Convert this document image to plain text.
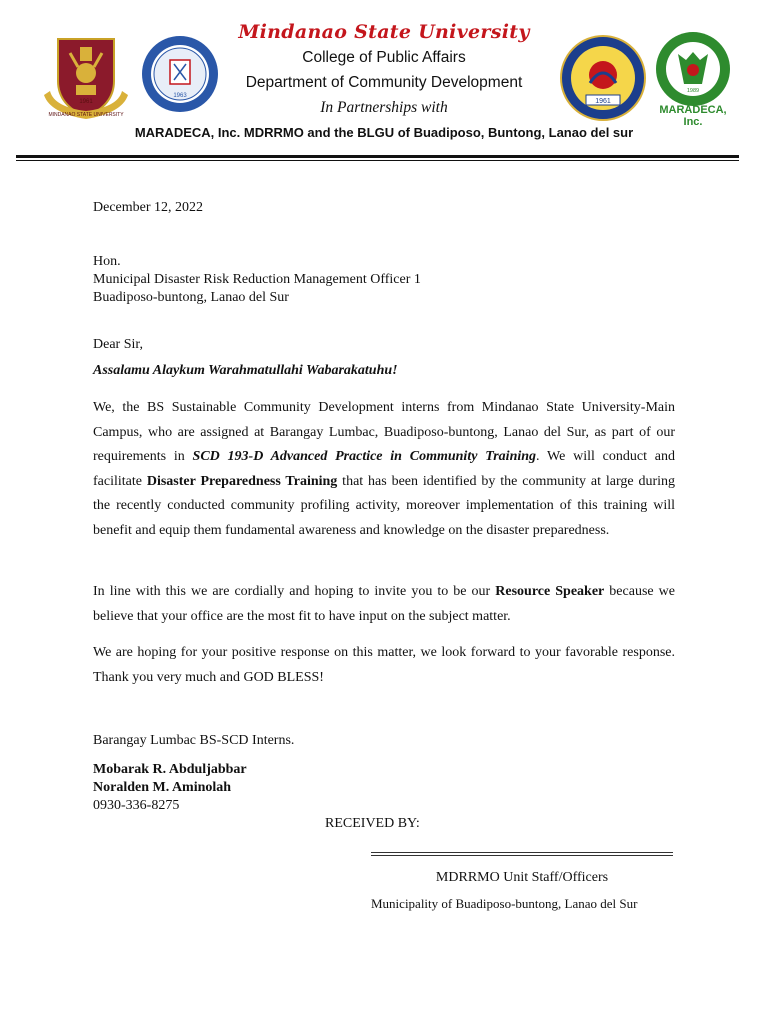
MINDANAO STATE UNIVERSITY
1961
1963
1961
1989
MARADECA, Inc.
Mindanao State University
College of Public Affairs
Department of Community Development
In Partnerships with
MARADECA, Inc. MDRRMO and the BLGU of Buadiposo, Buntong, Lanao del sur
December 12, 2022
Hon.
Municipal Disaster Risk Reduction Management Officer 1
Buadiposo-buntong, Lanao del Sur
Dear Sir,
Assalamu Alaykum Warahmatullahi Wabarakatuhu!
We, the BS Sustainable Community Development interns from Mindanao State University-Main Campus, who are assigned at Barangay Lumbac, Buadiposo-buntong, Lanao del Sur, as part of our requirements in SCD 193-D Advanced Practice in Community Training. We will conduct and facilitate Disaster Preparedness Training that has been identified by the community at large during the recently conducted community profiling activity, moreover implementation of this training will benefit and equip them fundamental awareness and knowledge on the disaster preparedness.
In line with this we are cordially and hoping to invite you to be our Resource Speaker because we believe that your office are the most fit to have input on the subject matter.
We are hoping for your positive response on this matter, we look forward to your favorable response. Thank you very much and GOD BLESS!
Barangay Lumbac BS-SCD Interns.
Mobarak R. Abduljabbar
Noralden M. Aminolah
0930-336-8275
RECEIVED BY:
MDRRMO Unit Staff/Officers
Municipality of Buadiposo-buntong, Lanao del Sur
